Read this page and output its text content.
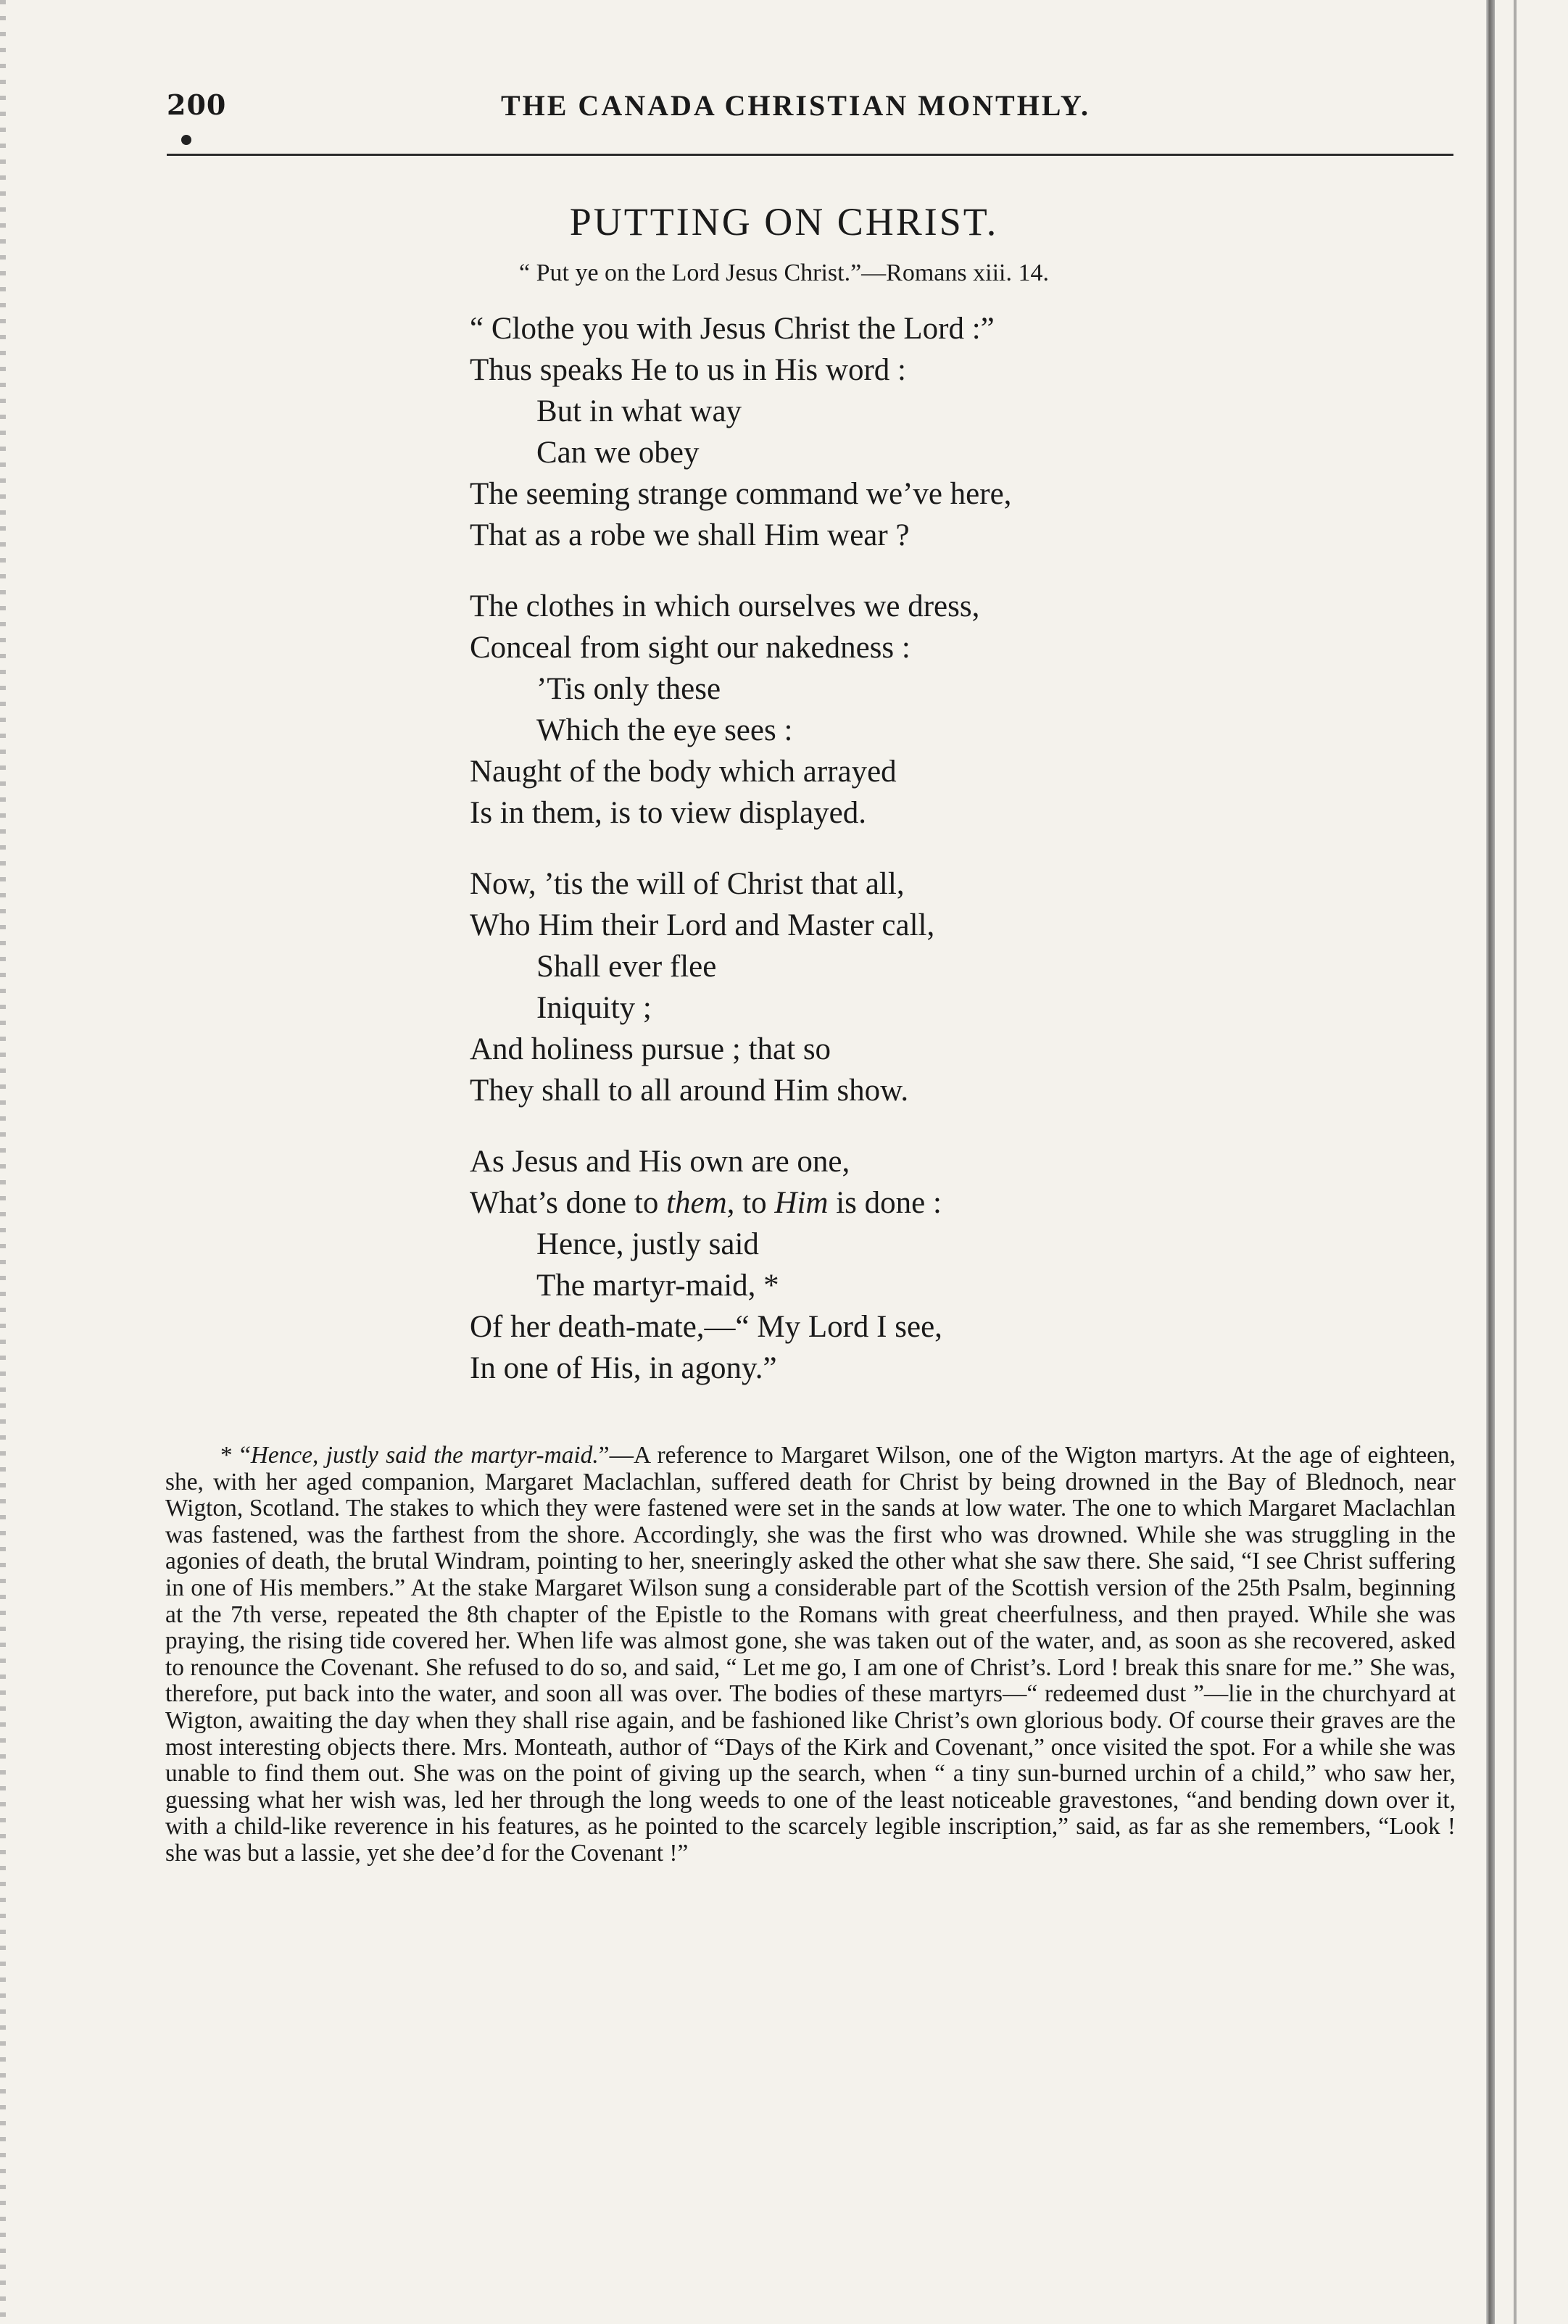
200	THE CANADA CHRISTIAN MONTHLY.
PUTTING ON CHRIST.
“ Put ye on the Lord Jesus Christ.”—Romans xiii. 14.
“ Clothe you with Jesus Christ the Lord :”
Thus speaks He to us in His word :
But in what way
Can we obey
The seeming strange command we’ve here,
That as a robe we shall Him wear ?
The clothes in which ourselves we dress,
Conceal from sight our nakedness :
’Tis only these
Which the eye sees :
Naught of the body which arrayed
Is in them, is to view displayed.
Now, ’tis the will of Christ that all,
Who Him their Lord and Master call,
Shall ever flee
Iniquity ;
And holiness pursue ; that so
They shall to all around Him show.
As Jesus and His own are one,
What’s done to them, to Him is done :
Hence, justly said
The martyr-maid, *
Of her death-mate,—“ My Lord I see,
In one of His, in agony.”
* “Hence, justly said the martyr-maid.”—A reference to Margaret Wilson, one of the Wigton martyrs. At the age of eighteen, she, with her aged companion, Margaret Maclachlan, suffered death for Christ by being drowned in the Bay of Blednoch, near Wigton, Scotland. The stakes to which they were fastened were set in the sands at low water. The one to which Margaret Maclachlan was fastened, was the farthest from the shore. Accordingly, she was the first who was drowned. While she was struggling in the agonies of death, the brutal Windram, pointing to her, sneeringly asked the other what she saw there. She said, “I see Christ suffering in one of His members.” At the stake Margaret Wilson sung a considerable part of the Scottish version of the 25th Psalm, beginning at the 7th verse, repeated the 8th chapter of the Epistle to the Romans with great cheerfulness, and then prayed. While she was praying, the rising tide covered her. When life was almost gone, she was taken out of the water, and, as soon as she recovered, asked to renounce the Covenant. She refused to do so, and said, “ Let me go, I am one of Christ’s. Lord ! break this snare for me.” She was, therefore, put back into the water, and soon all was over. The bodies of these martyrs—“ redeemed dust ”—lie in the churchyard at Wigton, awaiting the day when they shall rise again, and be fashioned like Christ’s own glorious body. Of course their graves are the most interesting objects there. Mrs. Monteath, author of “Days of the Kirk and Covenant,” once visited the spot. For a while she was unable to find them out. She was on the point of giving up the search, when “ a tiny sun-burned urchin of a child,” who saw her, guessing what her wish was, led her through the long weeds to one of the least noticeable gravestones, “and bending down over it, with a child-like reverence in his features, as he pointed to the scarcely legible inscription,” said, as far as she remembers, “Look ! she was but a lassie, yet she dee’d for the Covenant !”
